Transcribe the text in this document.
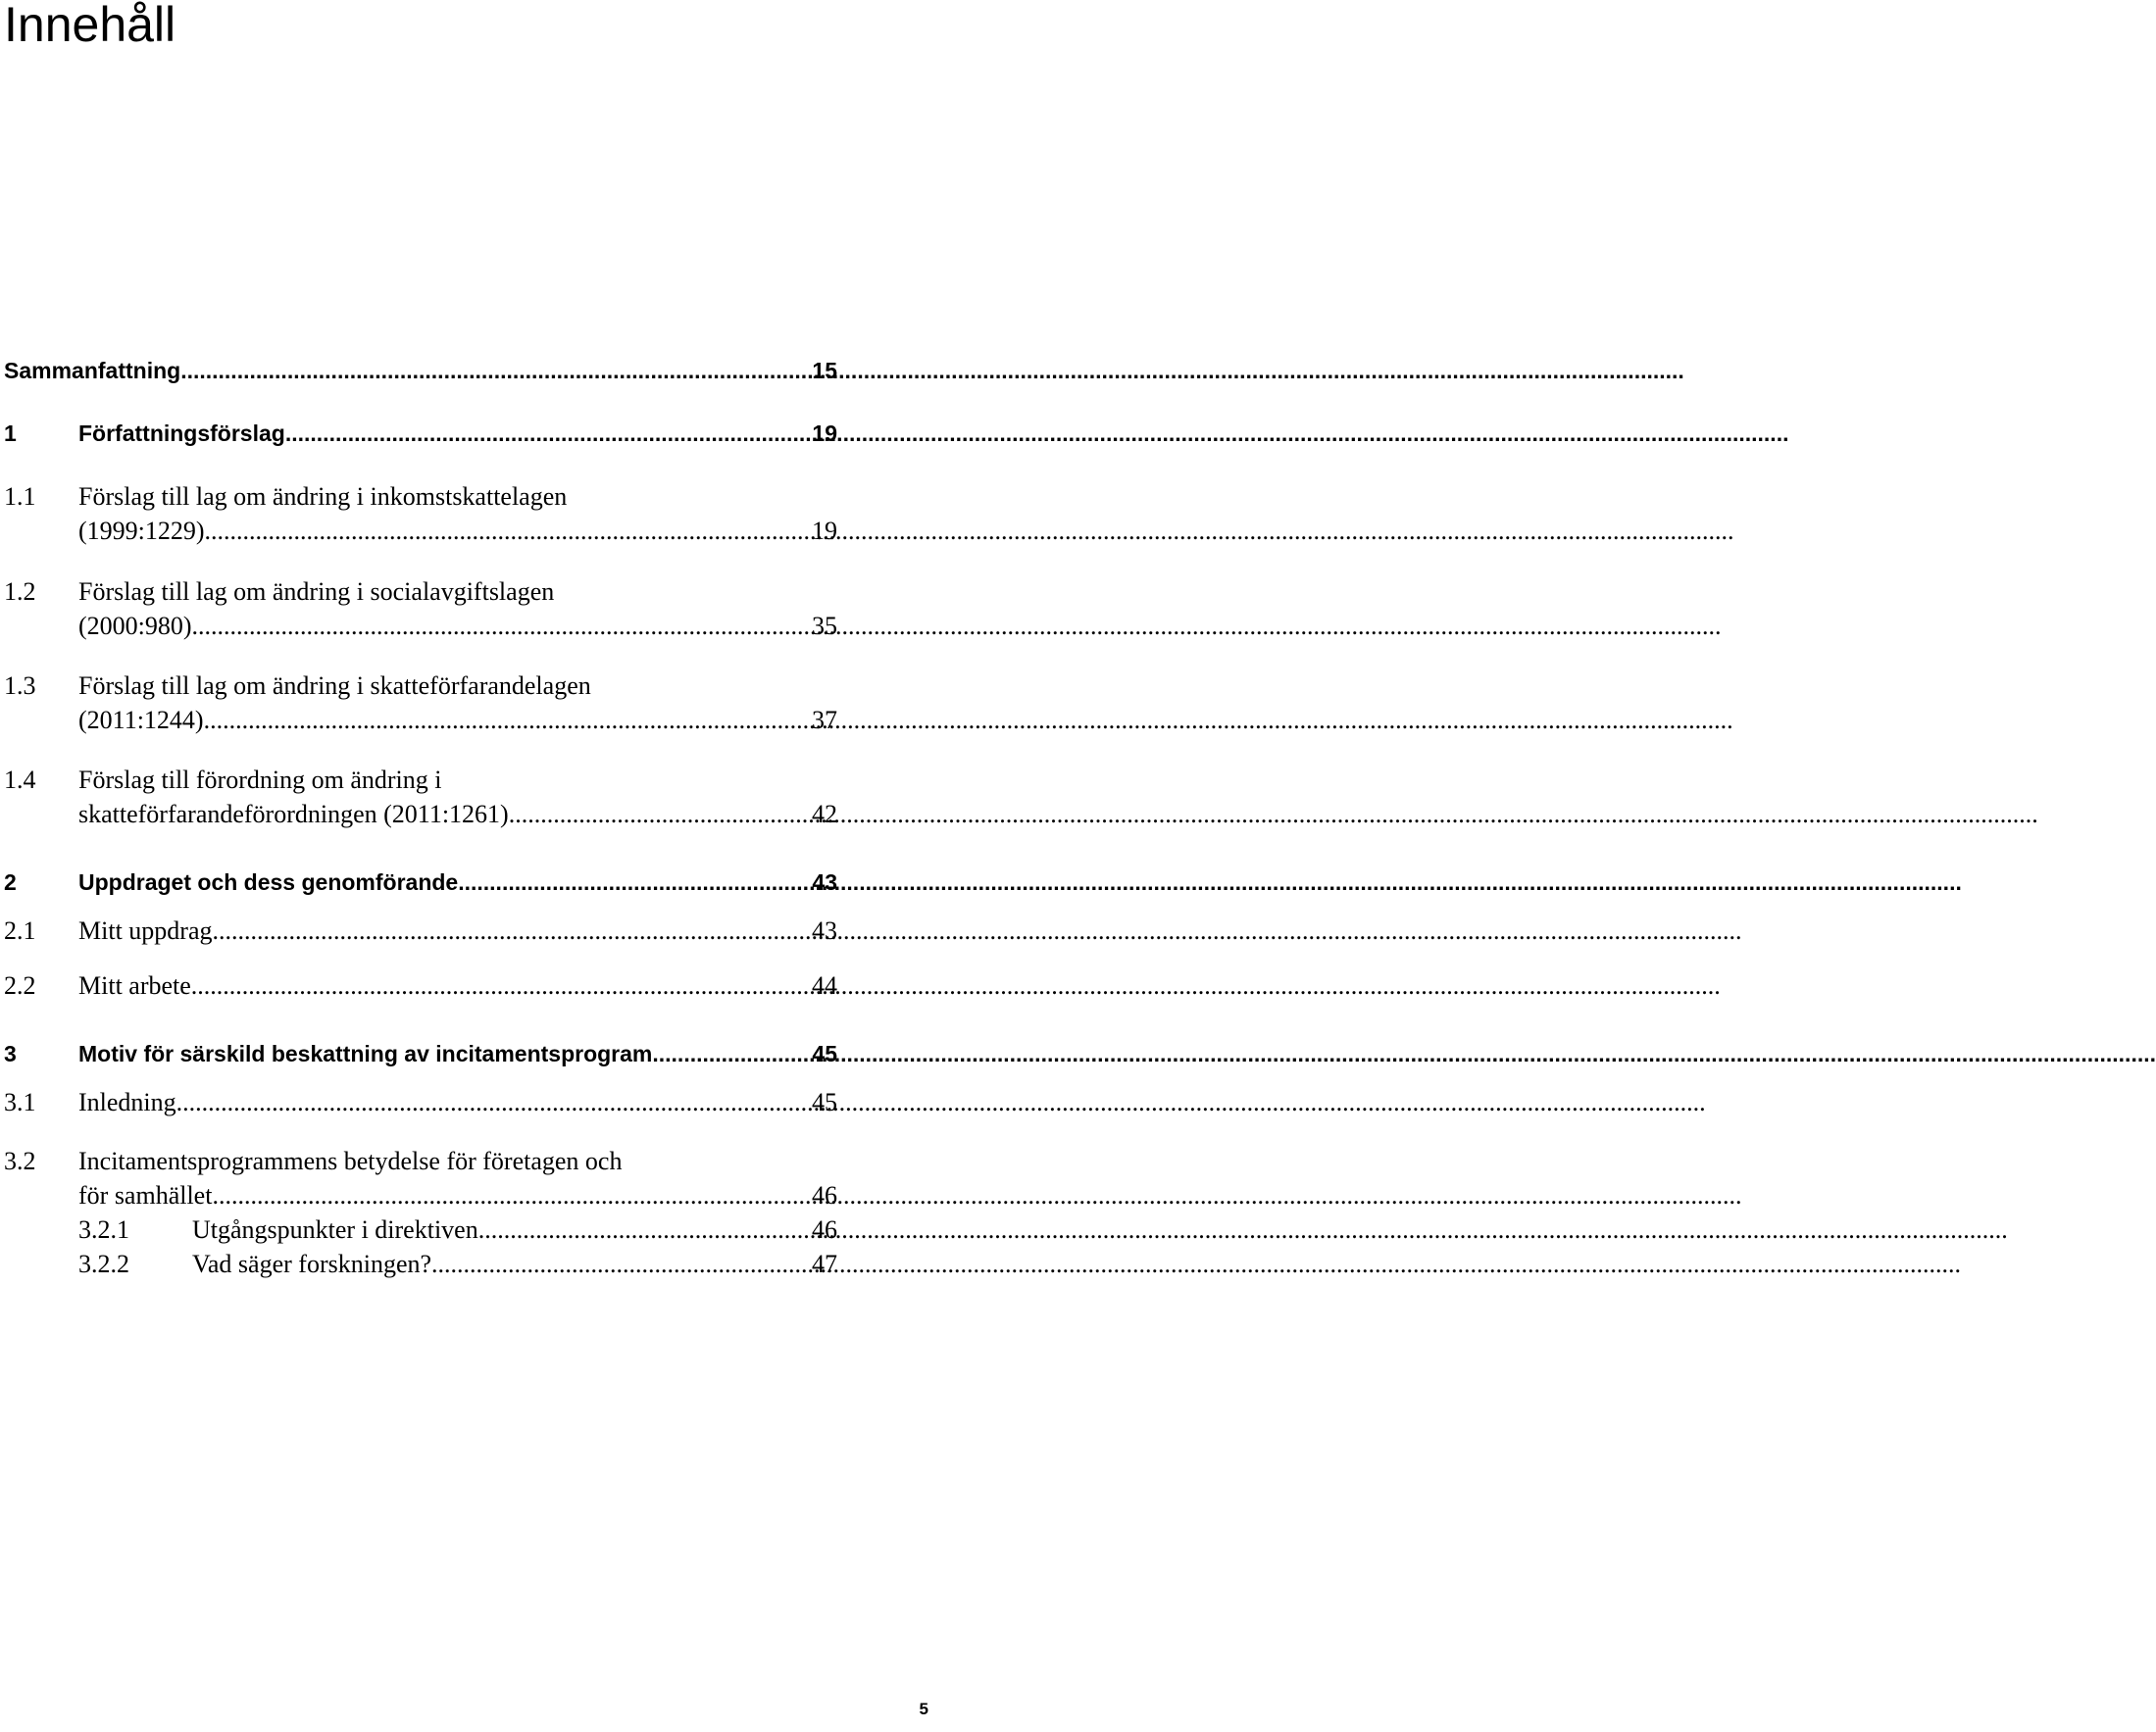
Innehåll
Sammanfattning .....	15
1	Författningsförslag .....	19
1.1 Förslag till lag om ändring i inkomstskattelagen
(1999:1229) .....	19
1.2 Förslag till lag om ändring i socialavgiftslagen
(2000:980) .....	35
1.3 Förslag till lag om ändring i skatteförfarandelagen
(2011:1244) .....	37
1.4 Förslag till förordning om ändring i
skatteförfarandeförordningen (2011:1261) .....	42
2	Uppdraget och dess genomförande .....	43
2.1 Mitt uppdrag .....	43
2.2 Mitt arbete .....	44
3	Motiv för särskild beskattning av incitamentsprogram .....	45
3.1 Inledning .....	45
3.2 Incitamentsprogrammens betydelse för företagen och
för samhället .....	46
3.2.1 Utgångspunkter i direktiven .....	46
3.2.2 Vad säger forskningen? .....	47
5
